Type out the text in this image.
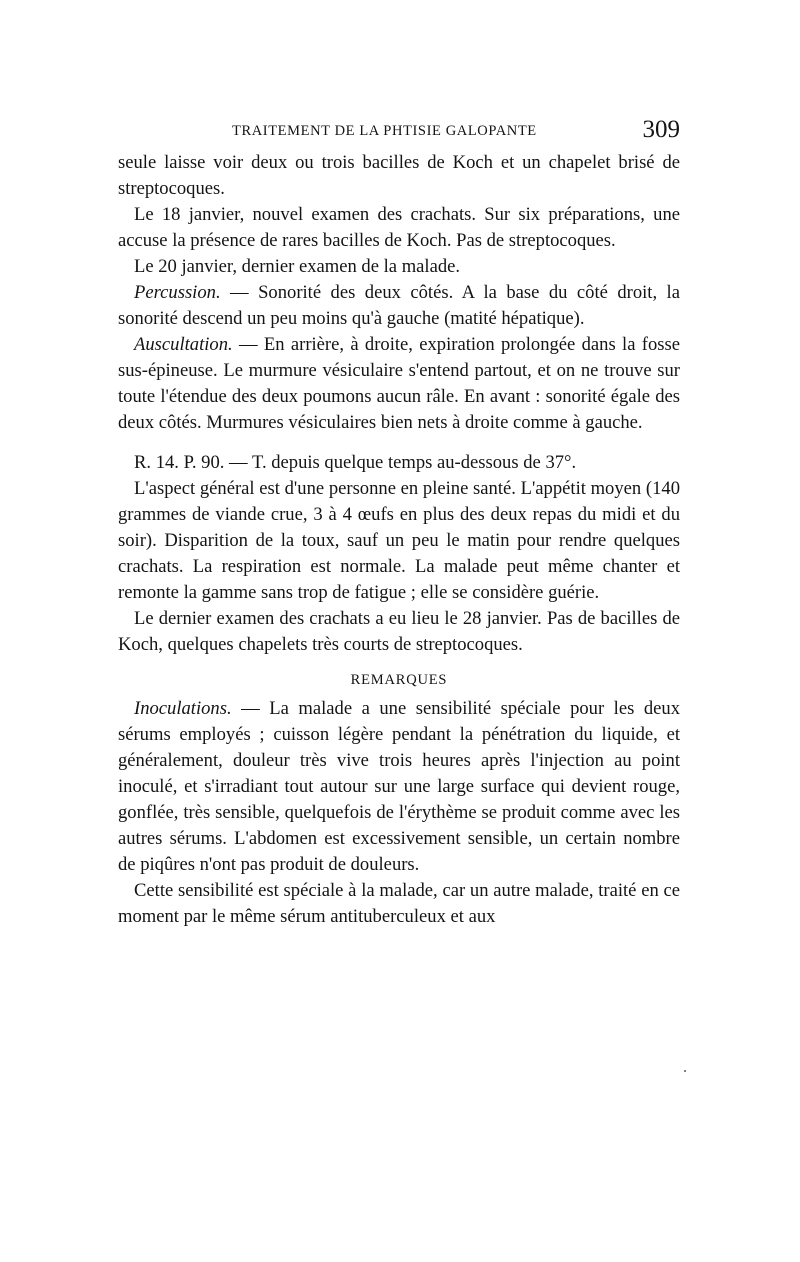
TRAITEMENT DE LA PHTISIE GALOPANTE	309

seule laisse voir deux ou trois bacilles de Koch et un chapelet brisé de streptocoques.

Le 18 janvier, nouvel examen des crachats. Sur six préparations, une accuse la présence de rares bacilles de Koch. Pas de streptocoques.

Le 20 janvier, dernier examen de la malade.

Percussion. — Sonorité des deux côtés. A la base du côté droit, la sonorité descend un peu moins qu'à gauche (matité hépatique).

Auscultation. — En arrière, à droite, expiration prolongée dans la fosse sus-épineuse. Le murmure vésiculaire s'entend partout, et on ne trouve sur toute l'étendue des deux poumons aucun râle. En avant : sonorité égale des deux côtés. Murmures vésiculaires bien nets à droite comme à gauche.

R. 14. P. 90. — T. depuis quelque temps au-dessous de 37°.

L'aspect général est d'une personne en pleine santé. L'appétit moyen (140 grammes de viande crue, 3 à 4 œufs en plus des deux repas du midi et du soir). Disparition de la toux, sauf un peu le matin pour rendre quelques crachats. La respiration est normale. La malade peut même chanter et remonte la gamme sans trop de fatigue ; elle se considère guérie.

Le dernier examen des crachats a eu lieu le 28 janvier. Pas de bacilles de Koch, quelques chapelets très courts de streptocoques.

REMARQUES

Inoculations. — La malade a une sensibilité spéciale pour les deux sérums employés ; cuisson légère pendant la pénétration du liquide, et généralement, douleur très vive trois heures après l'injection au point inoculé, et s'irradiant tout autour sur une large surface qui devient rouge, gonflée, très sensible, quelquefois de l'érythème se produit comme avec les autres sérums. L'abdomen est excessivement sensible, un certain nombre de piqûres n'ont pas produit de douleurs.

Cette sensibilité est spéciale à la malade, car un autre malade, traité en ce moment par le même sérum antituberculeux et aux
